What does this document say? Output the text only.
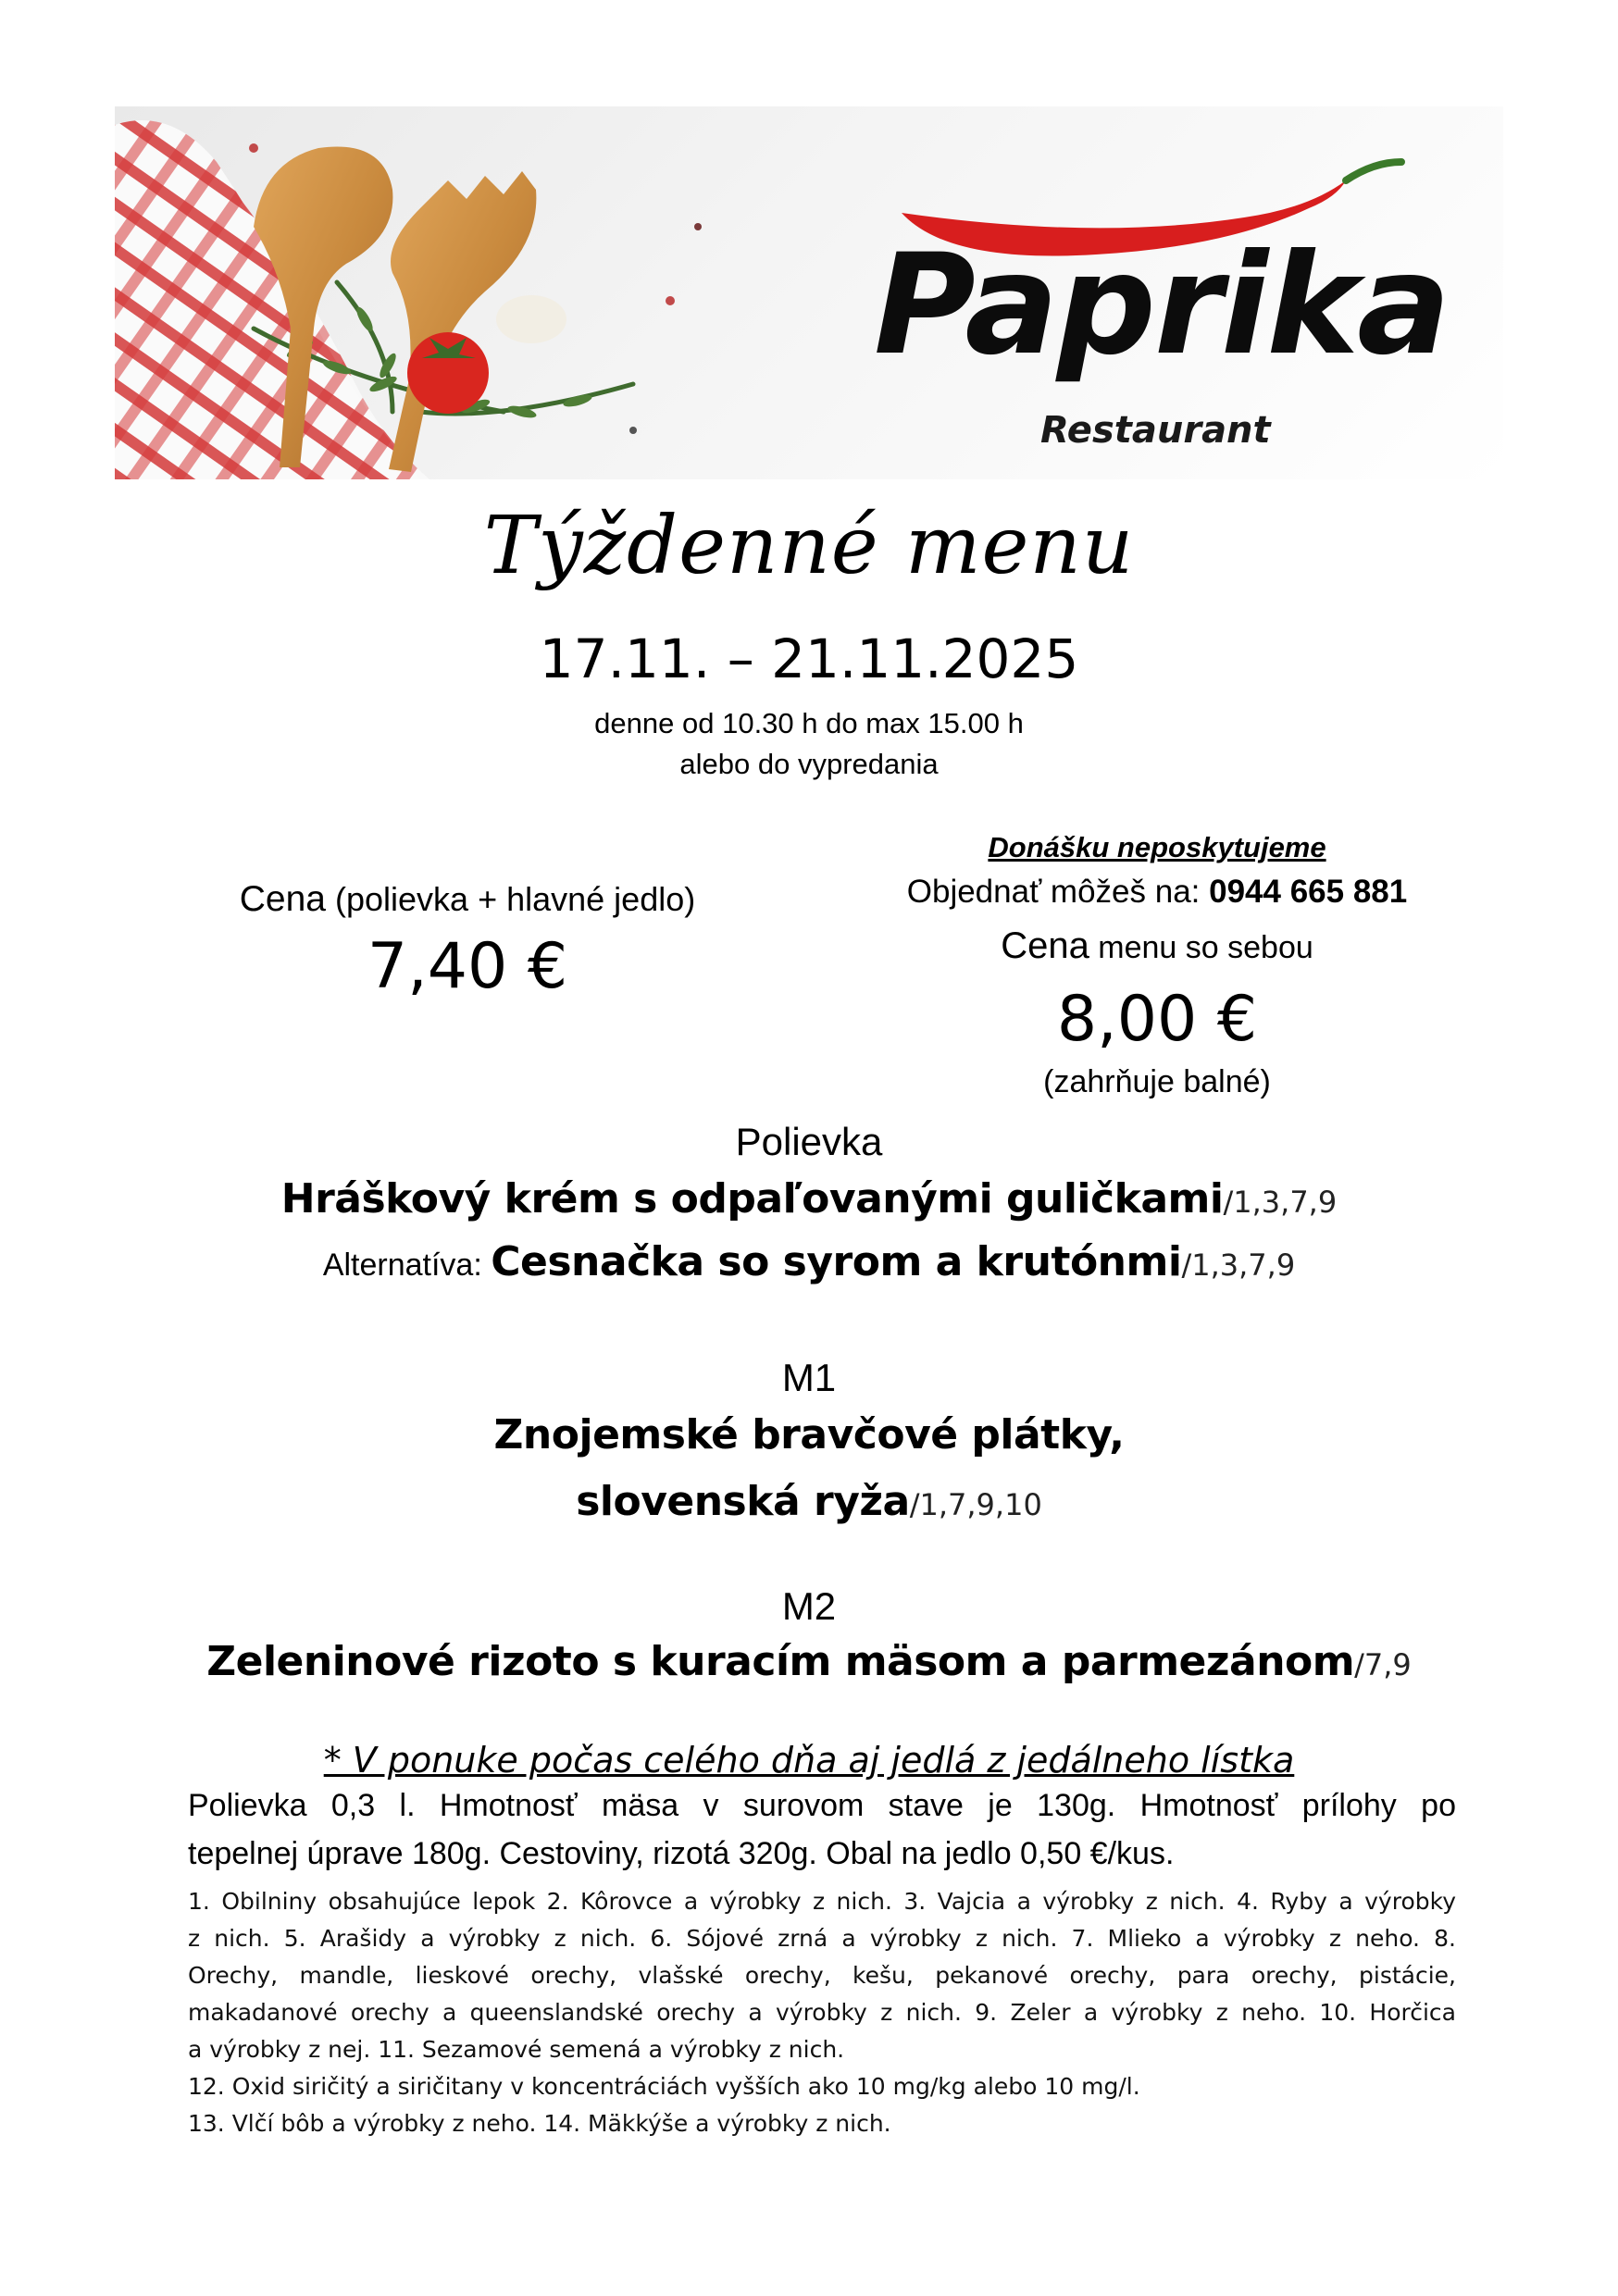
Paprika
Restaurant
Týždenné menu
17.11. – 21.11.2025
denne od 10.30 h do max 15.00 h
alebo do vypredania
Cena (polievka + hlavné jedlo)
7,40 €
Donášku neposkytujeme
Objednať môžeš na: 0944 665 881
Cena menu so sebou
8,00 €
(zahrňuje balné)
Polievka
Hráškový krém s odpaľovanými guličkami/1,3,7,9
Alternatíva: Cesnačka so syrom a krutónmi/1,3,7,9
M1
Znojemské bravčové plátky,
slovenská ryža/1,7,9,10
M2
Zeleninové rizoto s kuracím mäsom a parmezánom/7,9
* V ponuke počas celého dňa aj jedlá z jedálneho lístka
Polievka 0,3 l. Hmotnosť mäsa v surovom stave je 130g. Hmotnosť prílohy po
tepelnej úprave 180g. Cestoviny, rizotá 320g. Obal na jedlo 0,50 €/kus.
1. Obilniny obsahujúce lepok 2. Kôrovce a výrobky z nich. 3. Vajcia a výrobky z nich. 4. Ryby a výrobky
z nich. 5. Arašidy a výrobky z nich. 6. Sójové zrná a výrobky z nich. 7. Mlieko a výrobky z neho. 8.
Orechy, mandle, lieskové orechy, vlašské orechy, kešu, pekanové orechy, para orechy, pistácie,
makadanové orechy a queenslandské orechy a výrobky z nich. 9. Zeler a výrobky z neho. 10. Horčica
a výrobky z nej. 11. Sezamové semená a výrobky z nich.
12. Oxid siričitý a siričitany v koncentráciách vyšších ako 10 mg/kg alebo 10 mg/l.
13. Vlčí bôb a výrobky z neho. 14. Mäkkýše a výrobky z nich.
